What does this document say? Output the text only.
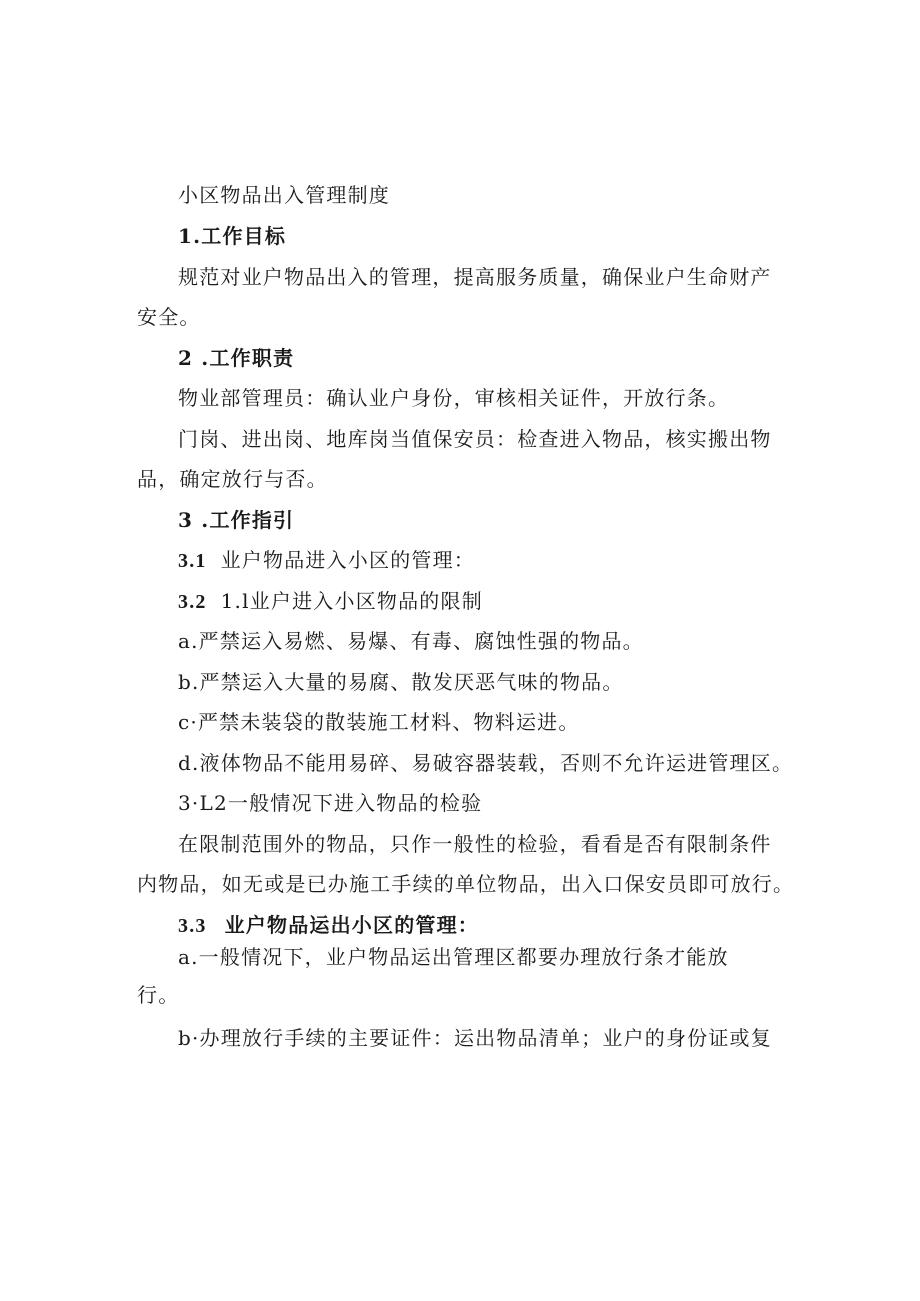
小区物品出入管理制度
1.工作目标
规范对业户物品出入的管理，提高服务质量，确保业户生命财产
安全。
2 .工作职责
物业部管理员：确认业户身份，审核相关证件，开放行条。
门岗、进出岗、地库岗当值保安员：检查进入物品，核实搬出物
品，确定放行与否。
3 .工作指引
3.1 业户物品进入小区的管理：
3.2 1.l业户进入小区物品的限制
a.严禁运入易燃、易爆、有毒、腐蚀性强的物品。
b.严禁运入大量的易腐、散发厌恶气味的物品。
c·严禁未装袋的散装施工材料、物料运进。
d.液体物品不能用易碎、易破容器装载，否则不允许运进管理区。
3·L2一般情况下进入物品的检验
在限制范围外的物品，只作一般性的检验，看看是否有限制条件
内物品，如无或是已办施工手续的单位物品，出入口保安员即可放行。
3.3 业户物品运出小区的管理：
a.一般情况下，业户物品运出管理区都要办理放行条才能放
行。
b·办理放行手续的主要证件：运出物品清单；业户的身份证或复
